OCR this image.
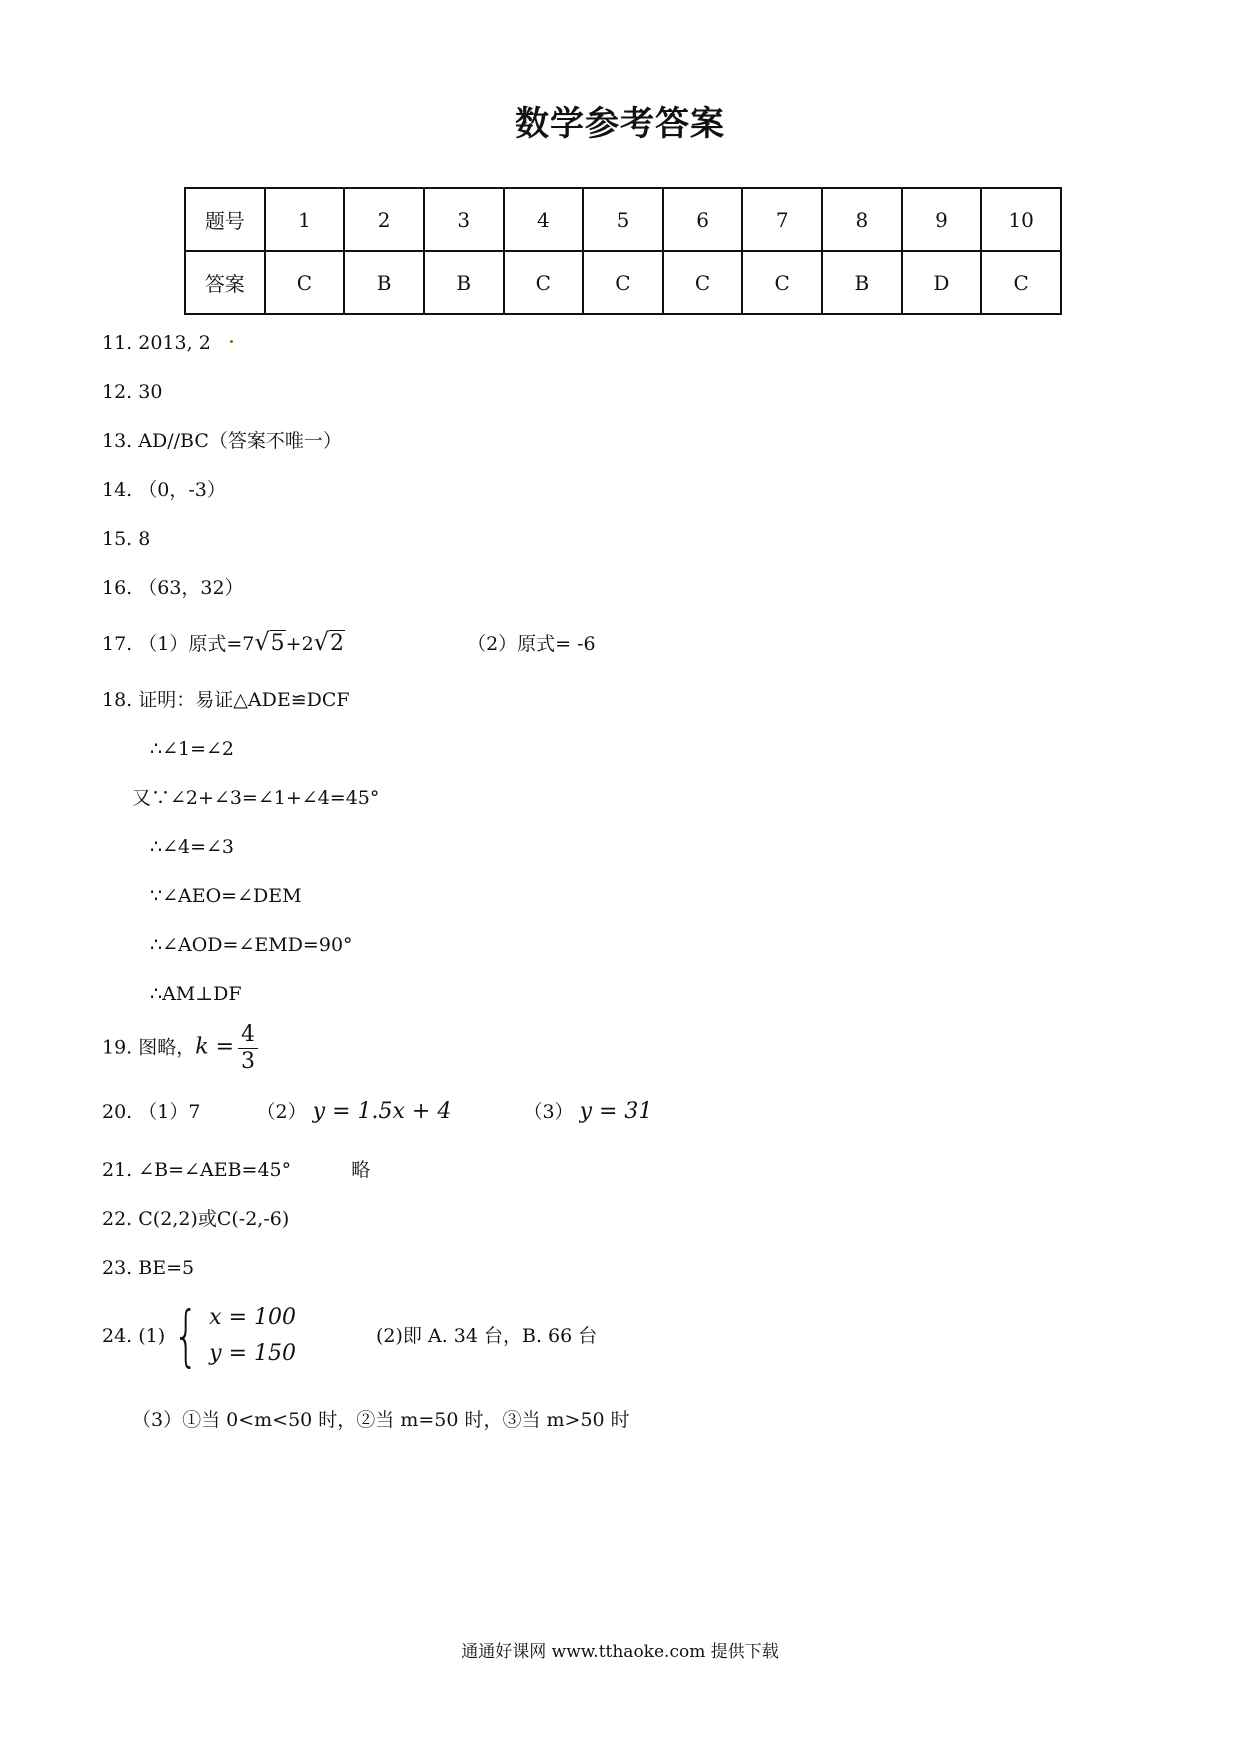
数学参考答案
题号	1	2	3	4	5	6	7	8	9	10
答案	C	B	B	C	C	C	C	B	D	C
11. 2013, 2
12. 30
13. AD//BC（答案不唯一）
14. （0，-3）
15. 8
16. （63，32）
17. （1）原式=7√5+2√2	（2）原式= -6
18. 证明：易证△ADE≌DCF
∴∠1=∠2
又∵∠2+∠3=∠1+∠4=45°
∴∠4=∠3
∵∠AEO=∠DEM
∴∠AOD=∠EMD=90°
∴AM⊥DF
19. 图略，$k = \frac{4}{3}$
20. （1）7	（2） y = 1.5x + 4	（3） y = 31
21. ∠B=∠AEB=45°	略
22. C(2,2)或C(-2,-6)
23. BE=5
24. (1) { x = 100
y = 150
(2)即 A. 34 台，B. 66 台
（3）①当 0<m<50 时，②当 m=50 时，③当 m>50 时
通通好课网 www.tthaoke.com 提供下载
